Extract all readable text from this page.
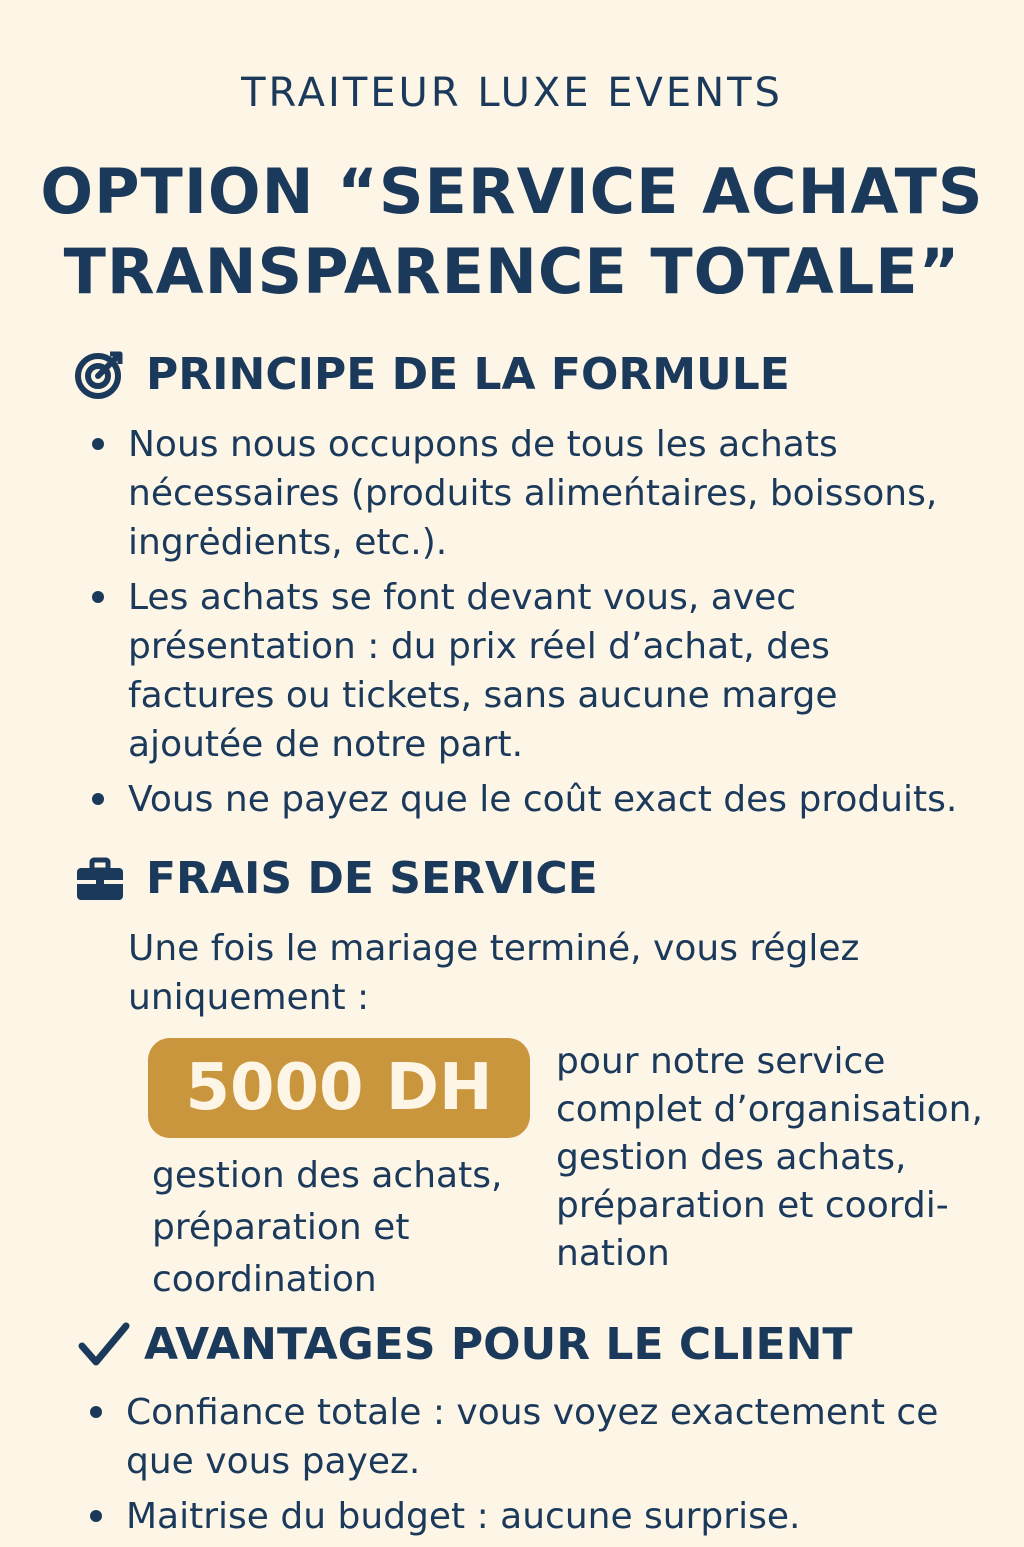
TRAITEUR LUXE EVENTS
OPTION “SERVICE ACHATS
TRANSPARENCE TOTALE”
PRINCIPE DE LA FORMULE
Nous nous occupons de tous les achats nécessaires (produits alimeńtaires, boissons, ingrėdients, etc.).
Les achats se font devant vous, avec présentation : du prix réel d’achat, des factures ou tickets, sans aucune marge ajoutée de notre part.
Vous ne payez que le coût exact des produits.
FRAIS DE SERVICE
Une fois le mariage terminé, vous réglez uniquement :
5000 DH
gestion des achats, préparation et coordination
pour notre service complet d’organisation, gestion des achats, préparation et coordi-nation
AVANTAGES POUR LE CLIENT
Confiance totale : vous voyez exactement ce que vous payez.
Maitrise du budget : aucune surprise.
